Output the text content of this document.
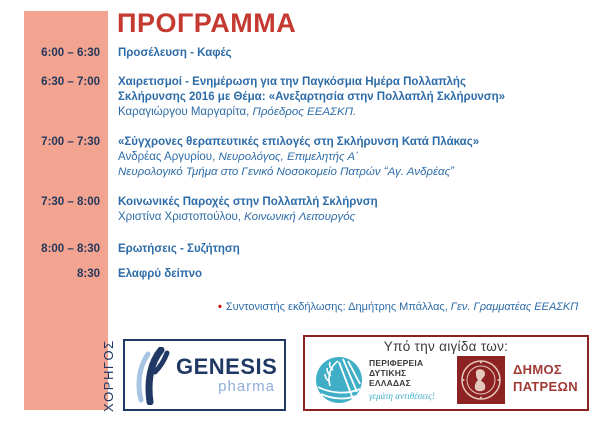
ΠΡΟΓΡΑΜΜΑ
6:00 – 6:30 Προσέλευση - Καφές
6:30 – 7:00 Χαιρετισμοί - Ενημέρωση για την Παγκόσμια Ημέρα Πολλαπλής
Σκλήρυνσης 2016 με Θέμα: «Ανεξαρτησία στην Πολλαπλή Σκλήρυνση»
Καραγιώργου Μαργαρίτα, Πρόεδρος ΕΕΑΣΚΠ.
7:00 – 7:30 «Σύγχρονες θεραπευτικές επιλογές στη Σκλήρυνση Κατά Πλάκας»
Ανδρέας Αργυρίου, Νευρολόγος, Επιμελητής Α΄
Νευρολογικό Τμήμα στο Γενικό Νοσοκομείο Πατρών “Αγ. Ανδρέας”
7:30 – 8:00 Κοινωνικές Παροχές στην Πολλαπλή Σκλήρνση
Χριστίνα Χριστοπούλου, Κοινωνική Λειτουργός
8:00 – 8:30 Ερωτήσεις - Συζήτηση
8:30 Ελαφρύ δείπνο
• Συντονιστής εκδήλωσης: Δημήτρης Μπάλλας, Γεν. Γραμματέας ΕΕΑΣΚΠ
ΧΟΡΗΓΟΣ	GENESIS
pharma
Υπό την αιγίδα των:
ΠΕΡΙΦΕΡΕΙΑ
ΔΥΤΙΚΗΣ
ΕΛΛΑΔΑΣ
γεμάτη αντιθέσεις!
ΔΗΜΟΣ
ΠΑΤΡΕΩΝ
